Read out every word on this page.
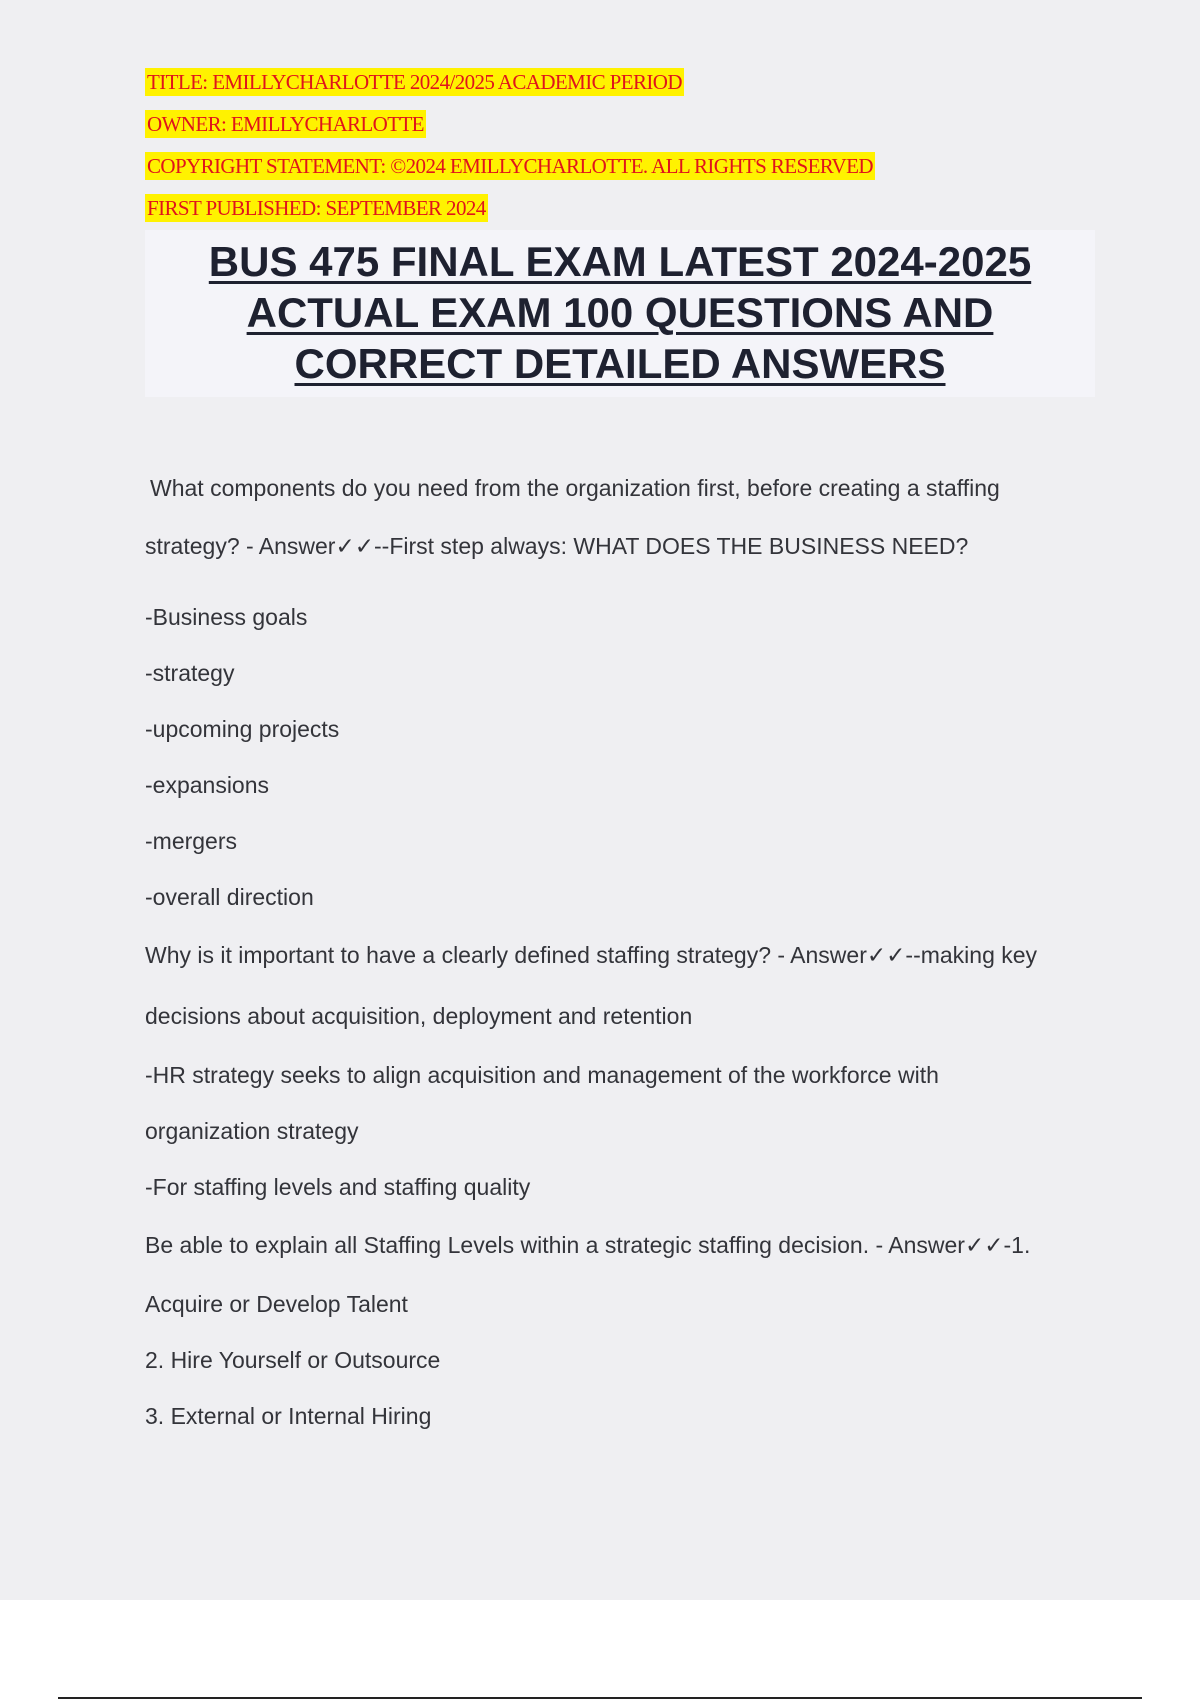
TITLE: EMILLYCHARLOTTE 2024/2025 ACADEMIC PERIOD
OWNER: EMILLYCHARLOTTE
COPYRIGHT STATEMENT: ©2024 EMILLYCHARLOTTE. ALL RIGHTS RESERVED
FIRST PUBLISHED: SEPTEMBER 2024
BUS 475 FINAL EXAM LATEST 2024-2025
ACTUAL EXAM 100 QUESTIONS AND
CORRECT DETAILED ANSWERS

What components do you need from the organization first, before creating a staffing
strategy? - Answer✓✓--First step always: WHAT DOES THE BUSINESS NEED?

-Business goals

-strategy

-upcoming projects

-expansions

-mergers

-overall direction

Why is it important to have a clearly defined staffing strategy? - Answer✓✓--making key

decisions about acquisition, deployment and retention

-HR strategy seeks to align acquisition and management of the workforce with

organization strategy

-For staffing levels and staffing quality

Be able to explain all Staffing Levels within a strategic staffing decision. - Answer✓✓-1.

Acquire or Develop Talent

2. Hire Yourself or Outsource

3. External or Internal Hiring
